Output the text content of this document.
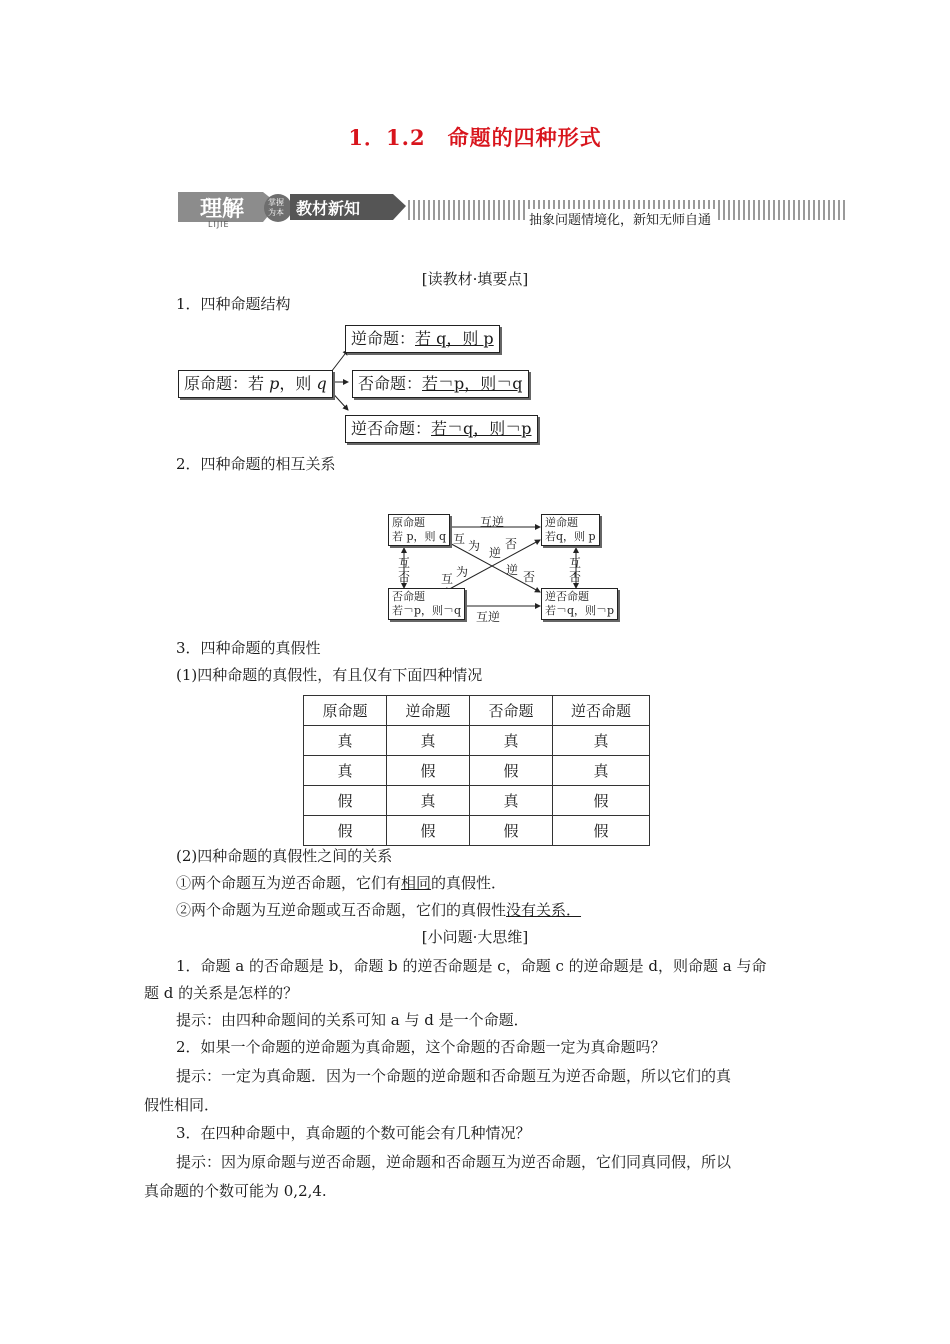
1．1.2　命题的四种形式
理解
LIJIE
掌握
为本 教材新知
抽象问题情境化，新知无师自通
[读教材·填要点]
1．四种命题结构
原命题：若 p，则 q
逆命题：若 q，则 p
否命题：若￢p，则￢q
逆否命题：若￢q，则￢p
2．四种命题的相互关系
原命题
若 p，则 q
逆命题
若q，则 p
否命题
若￢p，则￢q
逆否命题
若￢q，则￢p
互逆
互逆
互
否
互
否
互 为 逆
否
互 为	逆 否
3．四种命题的真假性
(1)四种命题的真假性，有且仅有下面四种情况
原命题	逆命题	否命题	逆否命题
真	真	真	真
真	假	假	真
假	真	真	假
假	假	假	假
(2)四种命题的真假性之间的关系
①两个命题互为逆否命题，它们有相同的真假性．
②两个命题为互逆命题或互否命题，它们的真假性没有关系．
[小问题·大思维]
1．命题 a 的否命题是 b，命题 b 的逆否命题是 c，命题 c 的逆命题是 d，则命题 a 与命
题 d 的关系是怎样的？
提示：由四种命题间的关系可知 a 与 d 是一个命题．
2．如果一个命题的逆命题为真命题，这个命题的否命题一定为真命题吗？
提示：一定为真命题．因为一个命题的逆命题和否命题互为逆否命题，所以它们的真
假性相同．
3．在四种命题中，真命题的个数可能会有几种情况？
提示：因为原命题与逆否命题，逆命题和否命题互为逆否命题，它们同真同假，所以
真命题的个数可能为 0,2,4.
